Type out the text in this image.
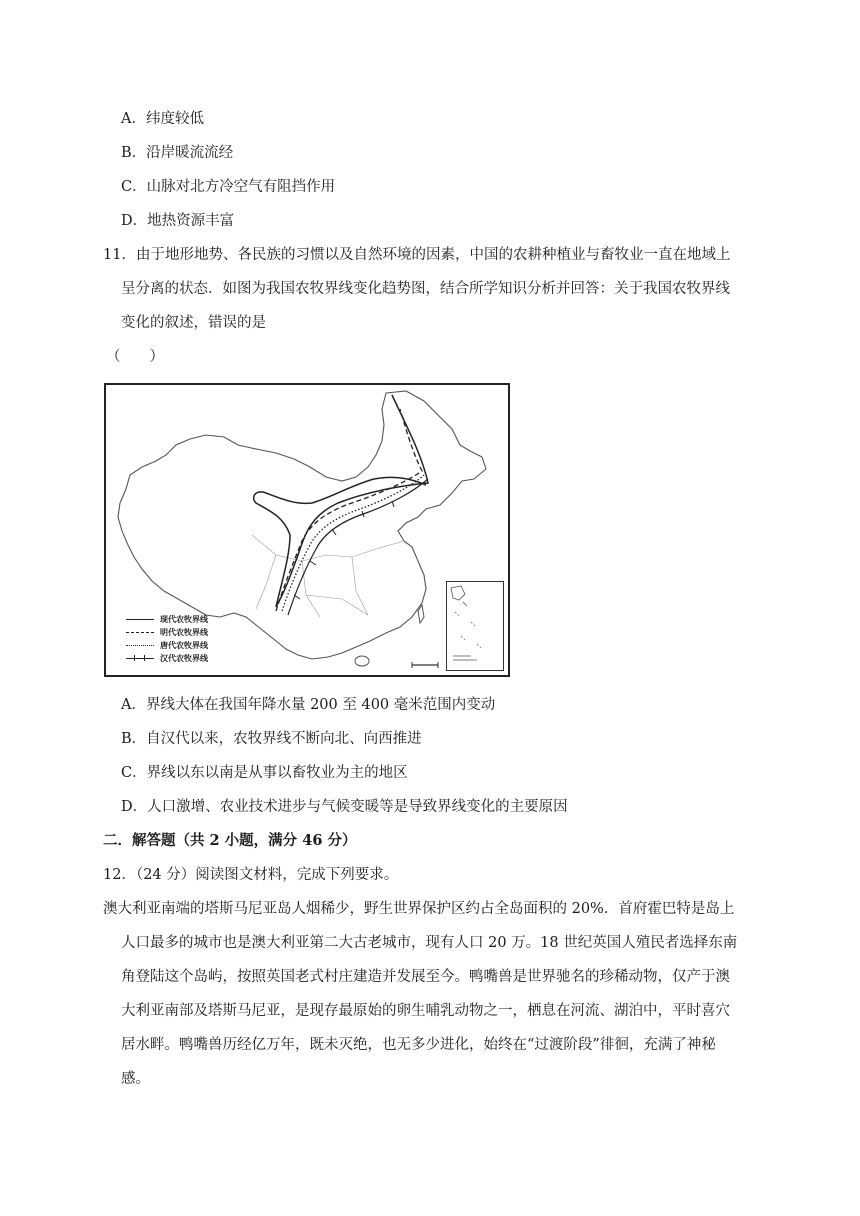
A．纬度较低
B．沿岸暖流流经
C．山脉对北方冷空气有阻挡作用
D．地热资源丰富
11．由于地形地势、各民族的习惯以及自然环境的因素，中国的农耕种植业与畜牧业一直在地域上
呈分离的状态．如图为我国农牧界线变化趋势图，结合所学知识分析并回答：关于我国农牧界线
变化的叙述，错误的是
（　　）
现代农牧界线
明代农牧界线
唐代农牧界线
汉代农牧界线
A．界线大体在我国年降水量 200 至 400 毫米范围内变动
B．自汉代以来，农牧界线不断向北、向西推进
C．界线以东以南是从事以畜牧业为主的地区
D．人口激增、农业技术进步与气候变暖等是导致界线变化的主要原因
二．解答题（共 2 小题，满分 46 分）
12．（24 分）阅读图文材料，完成下列要求。
澳大利亚南端的塔斯马尼亚岛人烟稀少，野生世界保护区约占全岛面积的 20%．首府霍巴特是岛上
人口最多的城市也是澳大利亚第二大古老城市，现有人口 20 万。18 世纪英国人殖民者选择东南
角登陆这个岛屿，按照英国老式村庄建造并发展至今。鸭嘴兽是世界驰名的珍稀动物，仅产于澳
大利亚南部及塔斯马尼亚，是现存最原始的卵生哺乳动物之一，栖息在河流、湖泊中，平时喜穴
居水畔。鸭嘴兽历经亿万年，既未灭绝，也无多少进化，始终在“过渡阶段”徘徊，充满了神秘
感。
